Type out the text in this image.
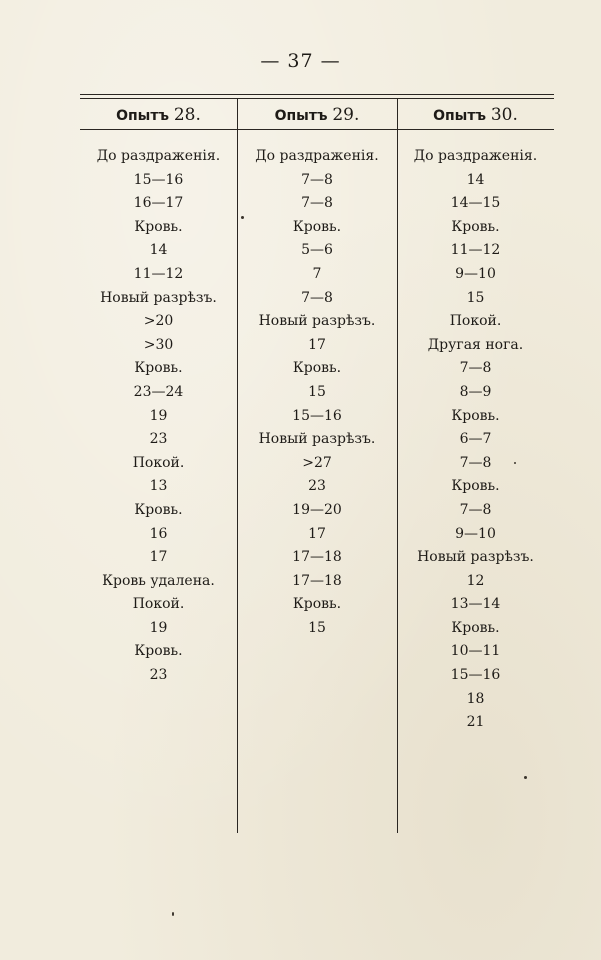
— 37 —
Опытъ 28.	Опытъ 29.	Опытъ 30.
До раздраженія.
15—16
16—17
Кровь.
14
11—12
Новый разрѣзъ.
>20
>30
Кровь.
23—24
19
23
Покой.
13
Кровь.
16
17
Кровь удалена.
Покой.
19
Кровь.
23
До раздраженія.
7—8
7—8
Кровь.
5—6
7
7—8
Новый разрѣзъ.
17
Кровь.
15
15—16
Новый разрѣзъ.
>27
23
19—20
17
17—18
17—18
Кровь.
15
До раздраженія.
14
14—15
Кровь.
11—12
9—10
15
Покой.
Другая нога.
7—8
8—9
Кровь.
6—7
7—8
Кровь.
7—8
9—10
Новый разрѣзъ.
12
13—14
Кровь.
10—11
15—16
18
21
